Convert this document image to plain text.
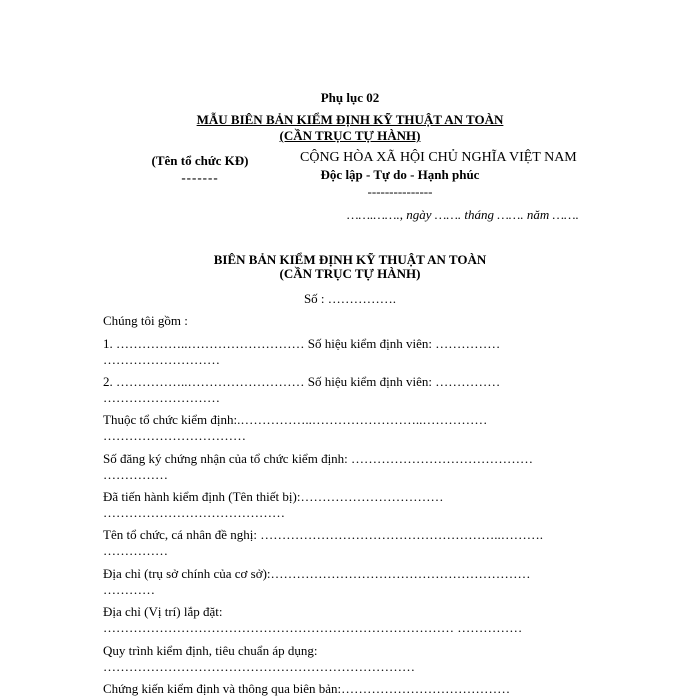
Phụ lục 02
MẪU BIÊN BẢN KIỂM ĐỊNH KỸ THUẬT AN TOÀN
(CẦN TRỤC TỰ HÀNH)
(Tên tổ chức KĐ)
-------
CỘNG HÒA XÃ HỘI CHỦ NGHĨA VIỆT NAM
Độc lập - Tự do - Hạnh phúc
---------------
…….……., ngày ……. tháng ……. năm …….
BIÊN BẢN KIỂM ĐỊNH KỸ THUẬT AN TOÀN
(CẦN TRỤC TỰ HÀNH)
Số : …………….
Chúng tôi gồm :
1. ……………..……………………… Số hiệu kiểm định viên: ……………
………………………
2. ……………..……………………… Số hiệu kiểm định viên: ……………
………………………
Thuộc tổ chức kiểm định:.……………..……………………..……………
……………………………
Số đăng ký chứng nhận của tổ chức kiểm định: ……………………………………
……………
Đã tiến hành kiểm định (Tên thiết bị):……………………………
……………………………………
Tên tổ chức, cá nhân đề nghị: ………………………………………………..……….
……………
Địa chỉ (trụ sở chính của cơ sở):……………………………………………………
…………
Địa chỉ (Vị trí) lắp đặt:
……………………………………………………………………… ……………
Quy trình kiểm định, tiêu chuẩn áp dụng:
………………………………………………………………
Chứng kiến kiểm định và thông qua biên bản:…………………………………
